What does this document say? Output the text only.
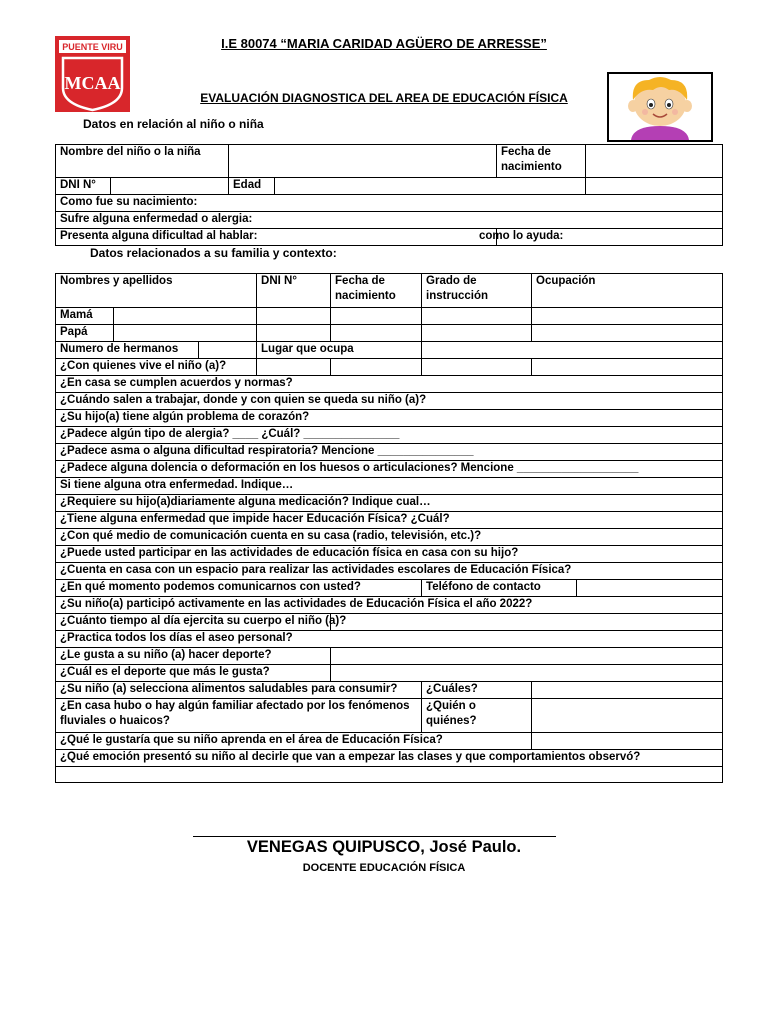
PUENTE VIRU
MCAA
I.E 80074 “MARIA CARIDAD AGÜERO DE ARRESSE”
EVALUACIÓN DIAGNOSTICA DEL AREA DE EDUCACIÓN FÍSICA
Datos en relación al niño o niña
Nombre del niño o la niña				Fecha de nacimiento	
DNI N°		Edad			
Como fue su nacimiento:					
Sufre alguna enfermedad o alergia:					
Presenta alguna dificultad al hablar:				como lo ayuda:	
Datos relacionados a su familia y contexto:
Nombres y apellidos			DNI N°	Fecha de nacimiento	Grado de instrucción	Ocupación	
Mamá							
Papá							
Numero de hermanos			Lugar que ocupa				
¿Con quienes vive el niño (a)?							
¿En casa se cumplen acuerdos y normas?							
¿Cuándo salen a trabajar, donde y con quien se queda su niño (a)?							
¿Su hijo(a) tiene algún problema de corazón?							
¿Padece algún tipo de alergia? ____ ¿Cuál? _______________							
¿Padece asma o alguna dificultad respiratoria? Mencione _______________							
¿Padece alguna dolencia o deformación en los huesos o articulaciones? Mencione ___________________							
Si tiene alguna otra enfermedad. Indique…							
¿Requiere su hijo(a)diariamente alguna medicación? Indique cual…							
¿Tiene alguna enfermedad que impide hacer Educación Física? ¿Cuál?							
¿Con qué medio de comunicación cuenta en su casa (radio, televisión, etc.)?							
¿Puede usted participar en las actividades de educación física en casa con su hijo?							
¿Cuenta en casa con un espacio para realizar las actividades escolares de Educación Física?							
¿En qué momento podemos comunicarnos con usted?					Teléfono de contacto		
¿Su niño(a) participó activamente en las actividades de Educación Física el año 2022?							
¿Cuánto tiempo al día ejercita su cuerpo el niño (a)?							
¿Practica todos los días el aseo personal?							
¿Le gusta a su niño (a) hacer deporte?							
¿Cuál es el deporte que más le gusta?							
¿Su niño (a) selecciona alimentos saludables para consumir?					¿Cuáles?		
¿En casa hubo o hay algún familiar afectado por los fenómenos fluviales o huaicos?					¿Quién o quiénes?		
¿Qué le gustaría que su niño aprenda en el área de Educación Física?							
¿Qué emoción presentó su niño al decirle que van a empezar las clases y que comportamientos observó?							

VENEGAS QUIPUSCO, José Paulo.
DOCENTE EDUCACIÓN FÍSICA
